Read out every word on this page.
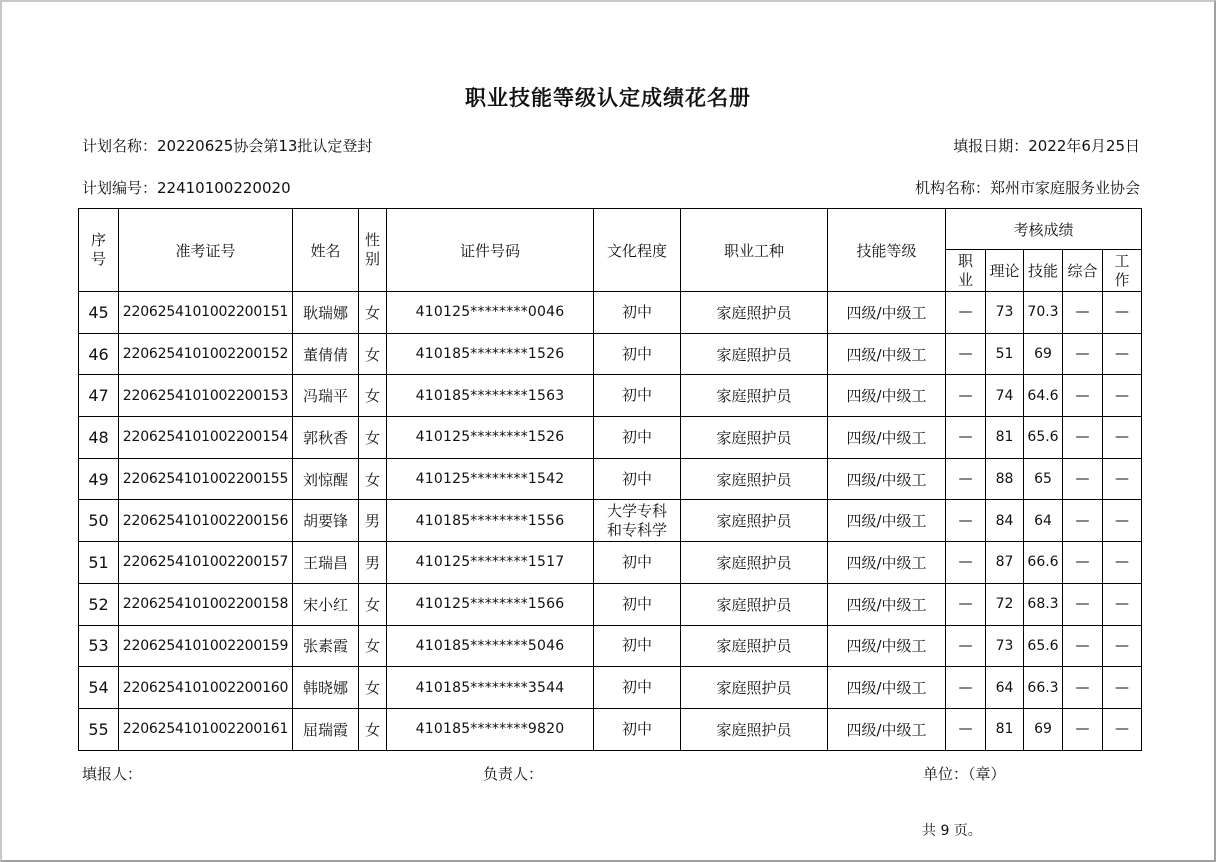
职业技能等级认定成绩花名册
计划名称：20220625协会第13批认定登封	填报日期：2022年6月25日
计划编号：22410100220020	机构名称：郑州市家庭服务业协会
序号	准考证号	姓名	性别	证件号码	文化程度	职业工种	技能等级	考核成绩				
								职业	理论	技能	综合	工作
45	2206254101002200151	耿瑞娜	女	410125********0046	初中	家庭照护员	四级/中级工	—	73	70.3	—	—
46	2206254101002200152	董倩倩	女	410185********1526	初中	家庭照护员	四级/中级工	—	51	69	—	—
47	2206254101002200153	冯瑞平	女	410185********1563	初中	家庭照护员	四级/中级工	—	74	64.6	—	—
48	2206254101002200154	郭秋香	女	410125********1526	初中	家庭照护员	四级/中级工	—	81	65.6	—	—
49	2206254101002200155	刘惊醒	女	410125********1542	初中	家庭照护员	四级/中级工	—	88	65	—	—
50	2206254101002200156	胡要锋	男	410185********1556	大学专科
和专科学	家庭照护员	四级/中级工	—	84	64	—	—
51	2206254101002200157	王瑞昌	男	410125********1517	初中	家庭照护员	四级/中级工	—	87	66.6	—	—
52	2206254101002200158	宋小红	女	410125********1566	初中	家庭照护员	四级/中级工	—	72	68.3	—	—
53	2206254101002200159	张素霞	女	410185********5046	初中	家庭照护员	四级/中级工	—	73	65.6	—	—
54	2206254101002200160	韩晓娜	女	410185********3544	初中	家庭照护员	四级/中级工	—	64	66.3	—	—
55	2206254101002200161	屈瑞霞	女	410185********9820	初中	家庭照护员	四级/中级工	—	81	69	—	—
填报人：	负责人：	单位：（章）
共 9 页。
